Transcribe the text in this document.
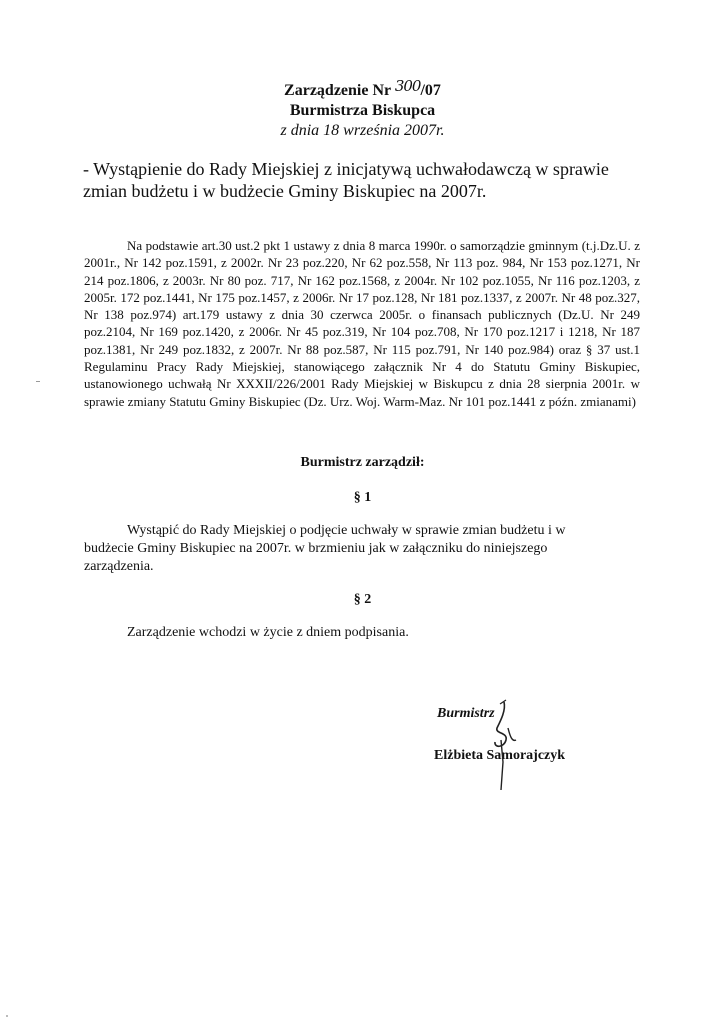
Zarządzenie Nr 300/07
Burmistrza Biskupca
z dnia 18 września 2007r.
- Wystąpienie do Rady Miejskiej z inicjatywą uchwałodawczą w sprawie zmian budżetu i w budżecie Gminy Biskupiec na 2007r.
Na podstawie art.30 ust.2 pkt 1 ustawy z dnia 8 marca 1990r. o samorządzie gminnym (t.j.Dz.U. z 2001r., Nr 142 poz.1591, z 2002r. Nr 23 poz.220, Nr 62 poz.558, Nr 113 poz. 984, Nr 153 poz.1271, Nr 214 poz.1806, z 2003r. Nr 80 poz. 717, Nr 162 poz.1568, z 2004r. Nr 102 poz.1055, Nr 116 poz.1203, z 2005r. 172 poz.1441, Nr 175 poz.1457, z 2006r. Nr 17 poz.128, Nr 181 poz.1337, z 2007r. Nr 48 poz.327, Nr 138 poz.974) art.179 ustawy z dnia 30 czerwca 2005r. o finansach publicznych (Dz.U. Nr 249 poz.2104, Nr 169 poz.1420, z 2006r. Nr 45 poz.319, Nr 104 poz.708, Nr 170 poz.1217 i 1218, Nr 187 poz.1381, Nr 249 poz.1832, z 2007r. Nr 88 poz.587, Nr 115 poz.791, Nr 140 poz.984) oraz § 37 ust.1 Regulaminu Pracy Rady Miejskiej, stanowiącego załącznik Nr 4 do Statutu Gminy Biskupiec, ustanowionego uchwałą Nr XXXII/226/2001 Rady Miejskiej w Biskupcu z dnia 28 sierpnia 2001r. w sprawie zmiany Statutu Gminy Biskupiec (Dz. Urz. Woj. Warm-Maz. Nr 101 poz.1441 z późn. zmianami)
Burmistrz zarządził:
§ 1
Wystąpić do Rady Miejskiej o podjęcie uchwały w sprawie zmian budżetu i w budżecie Gminy Biskupiec na 2007r. w brzmieniu jak w załączniku do niniejszego zarządzenia.
§ 2
Zarządzenie wchodzi w życie z dniem podpisania.
Burmistrz
Elżbieta Samorajczyk
